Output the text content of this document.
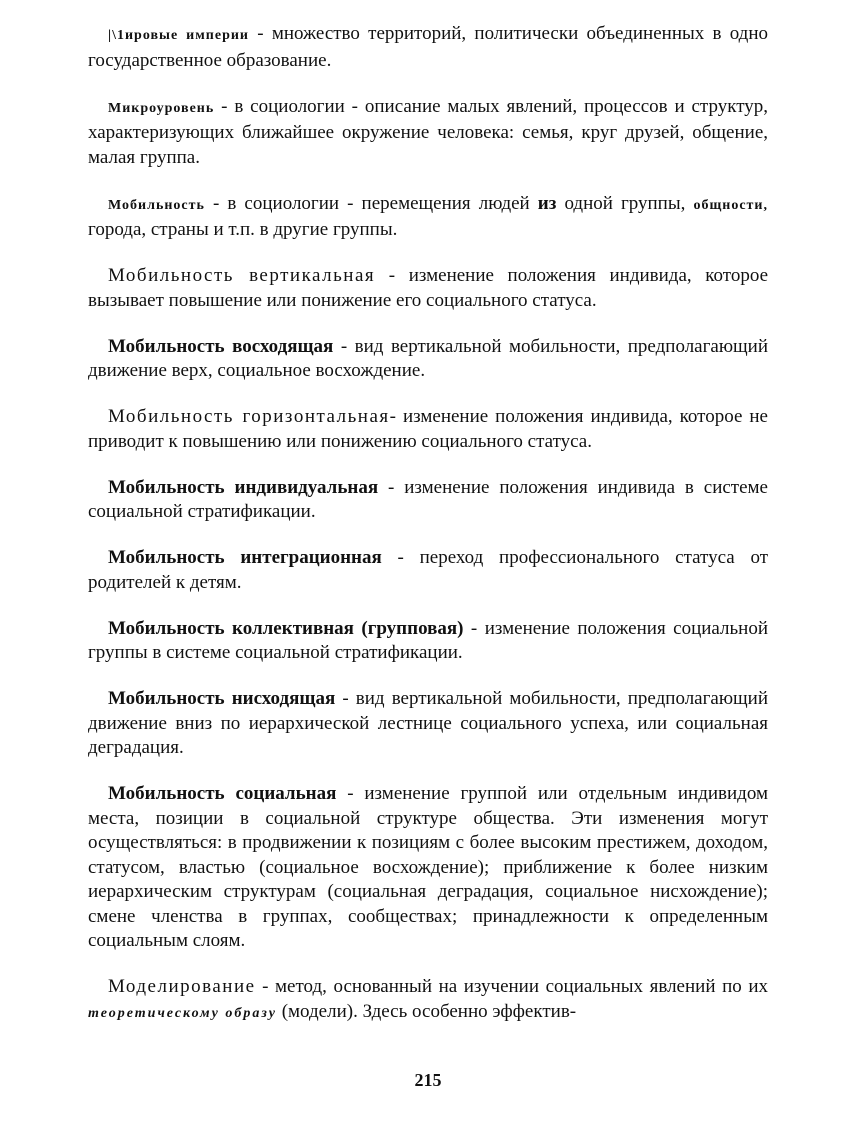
|\1ировые империи - множество территорий, политически объединенных в одно государственное образование.

Микроуровень - в социологии - описание малых явлений, процессов и структур, характеризующих ближайшее окружение человека: семья, круг друзей, общение, малая группа.

Мобильность - в социологии - перемещения людей из одной группы, общности, города, страны и т.п. в другие группы.

Мобильность вертикальная - изменение положения индивида, которое вызывает повышение или понижение его социального статуса.

Мобильность восходящая - вид вертикальной мобильности, предполагающий движение верх, социальное восхождение.

Мобильность горизонтальная- изменение положения индивида, которое не приводит к повышению или понижению социального статуса.

Мобильность индивидуальная - изменение положения индивида в системе социальной стратификации.

Мобильность интеграционная - переход профессионального статуса от родителей к детям.

Мобильность коллективная (групповая) - изменение положения социальной группы в системе социальной стратификации.

Мобильность нисходящая - вид вертикальной мобильности, предполагающий движение вниз по иерархической лестнице социального успеха, или социальная деградация.

Мобильность социальная - изменение группой или отдельным индивидом места, позиции в социальной структуре общества. Эти изменения могут осуществляться: в продвижении к позициям с более высоким престижем, доходом, статусом, властью (социальное восхождение); приближение к более низким иерархическим структурам (социальная деградация, социальное нисхождение); смене членства в группах, сообществах; принадлежности к определенным социальным слоям.

Моделирование - метод, основанный на изучении социальных явлений по их теоретическому образу (модели). Здесь особенно эффектив-

215
